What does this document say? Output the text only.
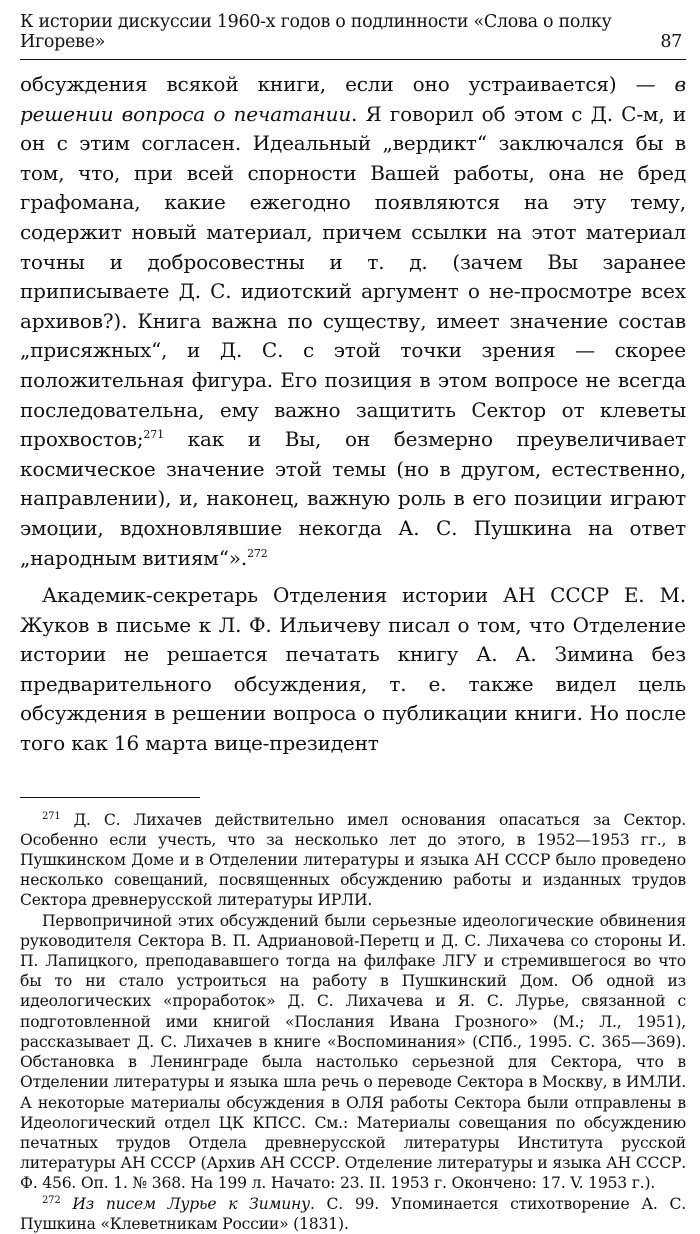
К истории дискуссии 1960-х годов о подлинности «Слова о полку Игореве»	87

обсуждения всякой книги, если оно устраивается) — в решении вопроса о печатании. Я говорил об этом с Д. С-м, и он с этим согласен. Идеальный „вердикт“ заключался бы в том, что, при всей спорности Вашей работы, она не бред графомана, какие ежегодно появляются на эту тему, содержит новый материал, причем ссылки на этот материал точны и добросовестны и т. д. (зачем Вы заранее приписываете Д. С. идиотский аргумент о не-просмотре всех архивов?). Книга важна по существу, имеет значение состав „присяжных“, и Д. С. с этой точки зрения — скорее положительная фигура. Его позиция в этом вопросе не всегда последовательна, ему важно защитить Сектор от клеветы прохвостов;$^{271}$ как и Вы, он безмерно преувеличивает космическое значение этой темы (но в другом, естественно, направлении), и, наконец, важную роль в его позиции играют эмоции, вдохновлявшие некогда А. С. Пушкина на ответ „народным витиям“».$^{272}$

Академик-секретарь Отделения истории АН СССР Е. М. Жуков в письме к Л. Ф. Ильичеву писал о том, что Отделение истории не решается печатать книгу А. А. Зимина без предварительного обсуждения, т. е. также видел цель обсуждения в решении вопроса о публикации книги. Но после того как 16 марта вице-президент

$^{271}$ Д. С. Лихачев действительно имел основания опасаться за Сектор. Особенно если учесть, что за несколько лет до этого, в 1952—1953 гг., в Пушкинском Доме и в Отделении литературы и языка АН СССР было проведено несколько совещаний, посвященных обсуждению работы и изданных трудов Сектора древнерусской литературы ИРЛИ.

Первопричиной этих обсуждений были серьезные идеологические обвинения руководителя Сектора В. П. Адриановой-Перетц и Д. С. Лихачева со стороны И. П. Лапицкого, преподававшего тогда на филфаке ЛГУ и стремившегося во что бы то ни стало устроиться на работу в Пушкинский Дом. Об одной из идеологических «проработок» Д. С. Лихачева и Я. С. Лурье, связанной с подготовленной ими книгой «Послания Ивана Грозного» (М.; Л., 1951), рассказывает Д. С. Лихачев в книге «Воспоминания» (СПб., 1995. С. 365—369). Обстановка в Ленинграде была настолько серьезной для Сектора, что в Отделении литературы и языка шла речь о переводе Сектора в Москву, в ИМЛИ. А некоторые материалы обсуждения в ОЛЯ работы Сектора были отправлены в Идеологический отдел ЦК КПСС. См.: Материалы совещания по обсуждению печатных трудов Отдела древнерусской литературы Института русской литературы АН СССР (Архив АН СССР. Отделение литературы и языка АН СССР. Ф. 456. Оп. 1. № 368. На 199 л. Начато: 23. II. 1953 г. Окончено: 17. V. 1953 г.).

$^{272}$ Из писем Лурье к Зимину. С. 99. Упоминается стихотворение А. С. Пушкина «Клеветникам России» (1831).
